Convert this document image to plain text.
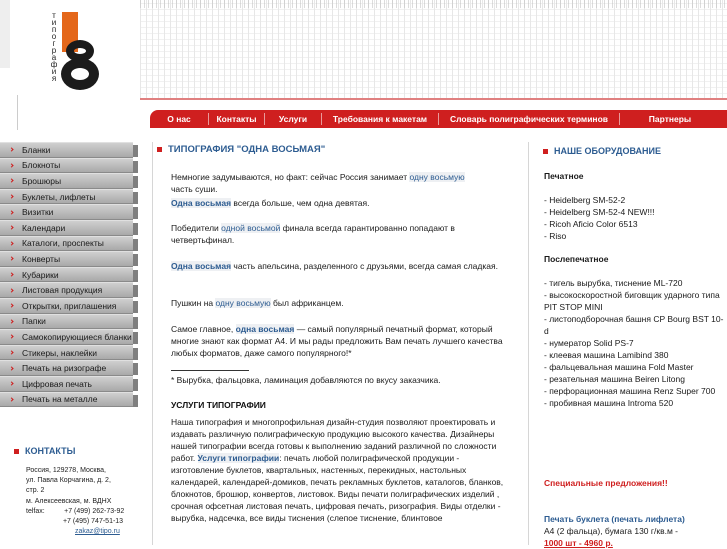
т
и
п
о
г
р
а
ф
и
я
О нас	Контакты	Услуги	Требования к макетам	Словарь полиграфических терминов	Партнеры
Бланки
Блокноты
Брошюры
Буклеты, лифлеты
Визитки
Календари
Каталоги, проспекты
Конверты
Кубарики
Листовая продукция
Открытки, приглашения
Папки
Самокопирующиеся бланки
Стикеры, наклейки
Печать на ризографе
Цифровая печать
Печать на металле
КОНТАКТЫ
Россия, 129278, Москва,
ул. Павла Корчагина, д. 2,
стр. 2
м. Алексеевская, м. ВДНХ
telfax:          +7 (499) 262-73-92
+7 (495) 747-51-13
zakaz@tipo.ru
ТИПОГРАФИЯ "ОДНА ВОСЬМАЯ"
Немногие задумываются, но факт: сейчас Россия занимает одну восьмую
часть суши.
Одна восьмая всегда больше, чем одна девятая.
Победители одной восьмой финала всегда гарантированно попадают в четвертьфинал.
Одна восьмая часть апельсина, разделенного с друзьями, всегда самая сладкая.
Пушкин на одну восьмую был африканцем.
Самое главное, одна восьмая — самый популярный печатный формат, который многие знают как формат А4. И мы рады предложить Вам печать лучшего качества любых форматов, даже самого популярного!*
* Вырубка, фальцовка, ламинация добавляются по вкусу заказчика.
УСЛУГИ ТИПОГРАФИИ
Наша типография и многопрофильная дизайн-студия позволяют проектировать и издавать различную полиграфическую продукцию высокого качества. Дизайнеры нашей типографии всегда готовы к выполнению заданий различной по сложности работ. Услуги типографии: печать любой полиграфической продукции - изготовление буклетов, квартальных, настенных, перекидных, настольных календарей, календарей-домиков, печать рекламных буклетов, каталогов, бланков, блокнотов, брошюр, конвертов, листовок. Виды печати полиграфических изделий , срочная офсетная листовая печать, цифровая печать, ризография. Виды отделки - вырубка, надсечка, все виды тиснения (слепое тиснение, блинтовое
НАШЕ ОБОРУДОВАНИЕ
Печатное
- Heidelberg SM-52-2
- Heidelberg SM-52-4 NEW!!!
- Ricoh Aficio Color 6513
- Riso
Послепечатное
- тигель вырубка, тиснение ML-720
- высокоскоростной биговщик ударного типа PIT STOP MINI
- листоподборочная башня CP Bourg BST 10-d
- нумератор Solid PS-7
- клеевая машина Lamibind 380
- фальцевальная машина Fold Master
- резательная машина Beiren Litong
- перфорационная машина Renz Super 700
- пробивная машина Introma 520
Специальные предложения!!
Печать буклета (печать лифлета)
А4 (2 фальца), бумага 130 г/кв.м -
1000 шт - 4960 р.
